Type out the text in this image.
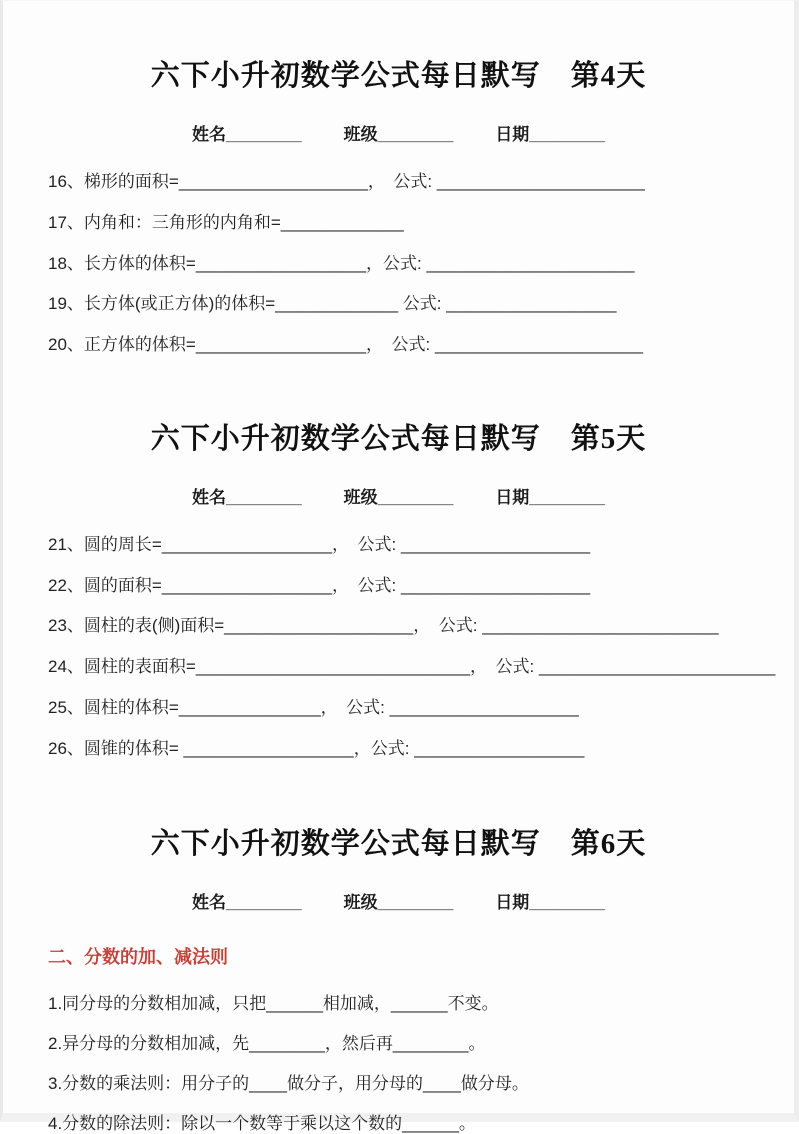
六下小升初数学公式每日默写　第4天
姓名________ 班级________ 日期________

16、梯形的面积=____________________，　公式: ______________________

17、内角和：三角形的内角和=_____________

18、长方体的体积=__________________，公式: ______________________

19、长方体(或正方体)的体积=_____________ 公式: __________________

20、正方体的体积=__________________，　公式: ______________________

六下小升初数学公式每日默写　第5天
姓名________ 班级________ 日期________

21、圆的周长=__________________，　公式: ____________________

22、圆的面积=__________________，　公式: ____________________

23、圆柱的表(侧)面积=____________________，　公式: _________________________

24、圆柱的表面积=_____________________________，　公式: _________________________

25、圆柱的体积=_______________，　公式: ____________________

26、圆锥的体积= __________________，公式: __________________

六下小升初数学公式每日默写　第6天
姓名________ 班级________ 日期________
二、分数的加、减法则

1.同分母的分数相加减，只把______相加减，______不变。

2.异分母的分数相加减，先________，然后再________。

3.分数的乘法则：用分子的____做分子，用分母的____做分母。

4.分数的除法则：除以一个数等于乘以这个数的______。
